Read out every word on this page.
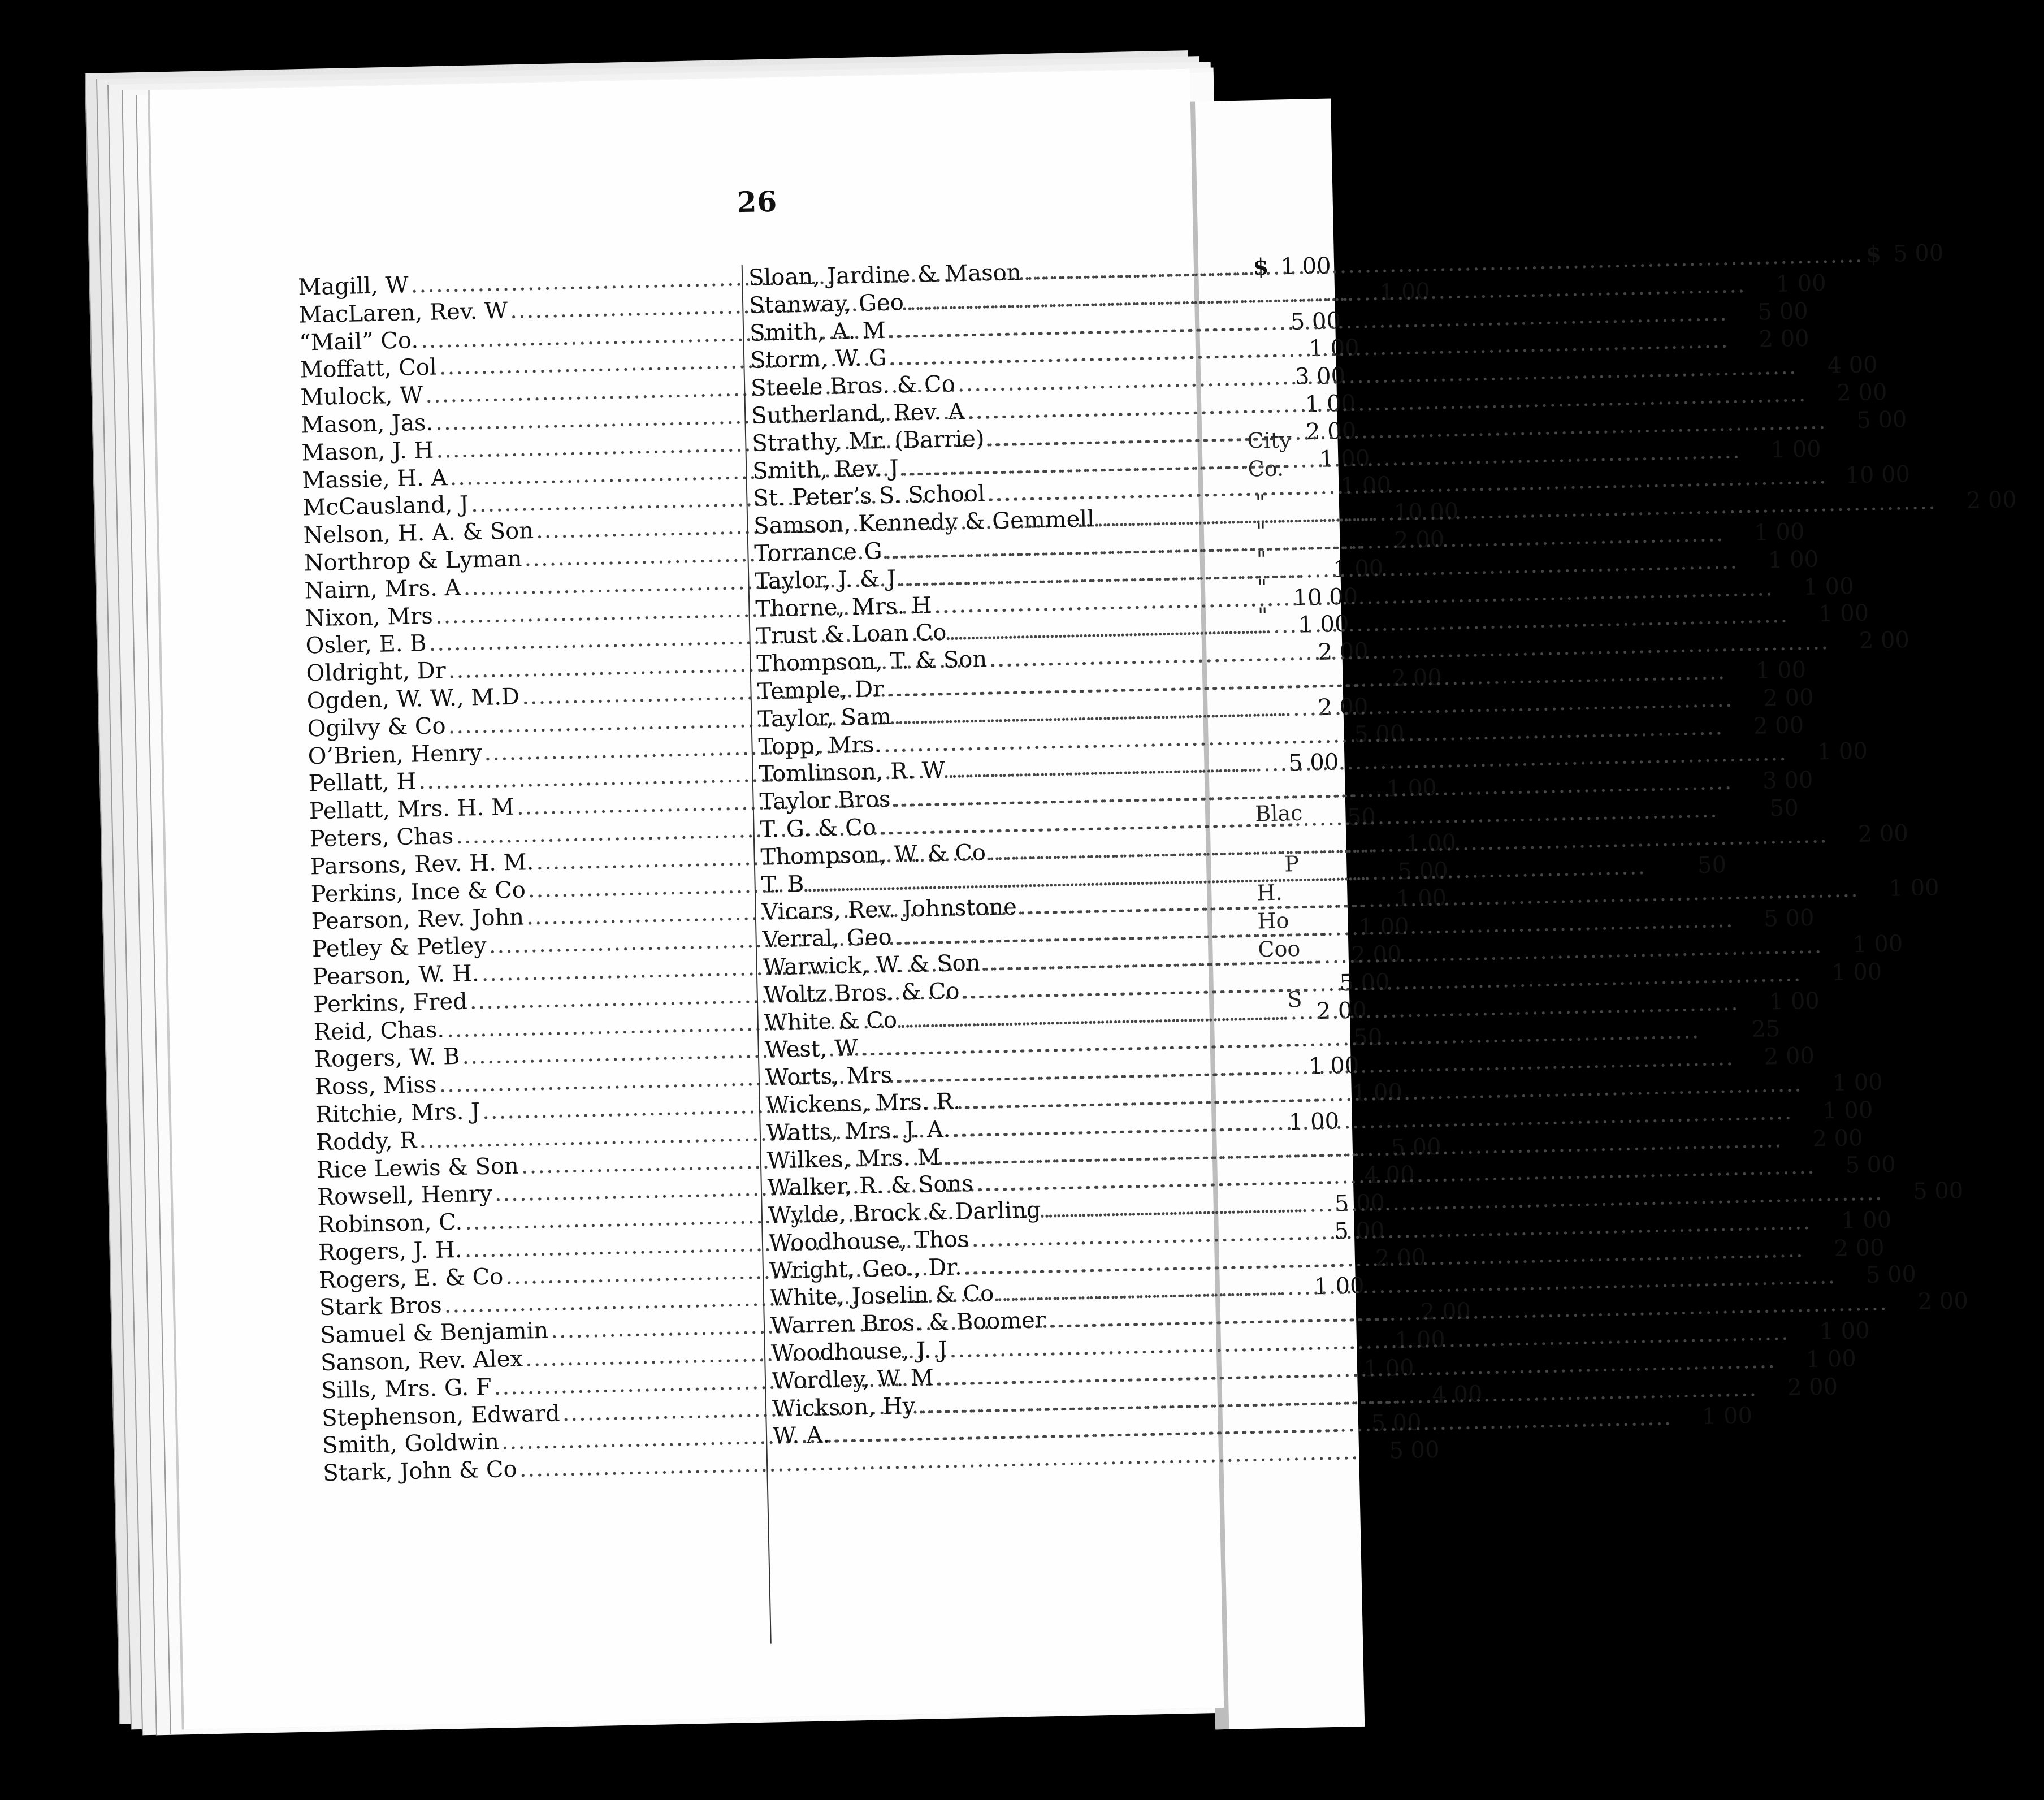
City
Co.
"
"
"
"
"
Blac
P
H.
Ho
Coo
S
26
Magill, W
.....
$ 1 00
MacLaren, Rev. W
.....
1 00
“Mail” Co.
.....
5 00
Moffatt, Col
.....
1 00
Mulock, W
.....
3 00
Mason, Jas.
.....
1 00
Mason, J. H
.....
2 00
Massie, H. A
.....
1 00
McCausland, J
.....
1 00
Nelson, H. A. & Son
.....
10 00
Northrop & Lyman
.....
2 00
Nairn, Mrs. A
.....
1 00
Nixon, Mrs
.....
10 00
Osler, E. B
.....
1 00
Oldright, Dr
.....
2 00
Ogden, W. W., M.D
.....
2 00
Ogilvy & Co
.....
2 00
O’Brien, Henry
.....
5 00
Pellatt, H
.....
5 00
Pellatt, Mrs. H. M
.....
1 00
Peters, Chas
.....
50
Parsons, Rev. H. M.
.....
1 00
Perkins, Ince & Co
.....
5 00
Pearson, Rev. John
.....
1 00
Petley & Petley
.....
1 00
Pearson, W. H.
.....
2 00
Perkins, Fred
.....
5 00
Reid, Chas.
.....
2 00
Rogers, W. B
.....
50
Ross, Miss
.....
1 00
Ritchie, Mrs. J
.....
1 00
Roddy, R
.....
1 00
Rice Lewis & Son
.....
5 00
Rowsell, Henry
.....
4 00
Robinson, C.
.....
5 00
Rogers, J. H.
.....
5 00
Rogers, E. & Co
.....
2 00
Stark Bros
.....
1 00
Samuel & Benjamin
.....
2 00
Sanson, Rev. Alex
.....
1 00
Sills, Mrs. G. F
.....
1 00
Stephenson, Edward
.....
4 00
Smith, Goldwin
.....
5 00
Stark, John & Co
.....
5 00
Sloan, Jardine & Mason
.....
$ 5 00
Stanway, Geo
.....
1 00
Smith, A. M
.....
5 00
Storm, W. G
.....
2 00
Steele Bros. & Co
.....
4 00
Sutherland, Rev. A
.....
2 00
Strathy, Mr. (Barrie)
.....
5 00
Smith, Rev. J
.....
1 00
St. Peter’s S. School
.....
10 00
Samson, Kennedy & Gemmell
.....
2 00
Torrance G
.....
1 00
Taylor, J. & J
.....
1 00
Thorne, Mrs. H
.....
1 00
Trust & Loan Co
.....
1 00
Thompson, T. & Son
.....
2 00
Temple, Dr
.....
1 00
Taylor, Sam
.....
2 00
Topp, Mrs.
.....
2 00
Tomlinson, R. W
.....
1 00
Taylor Bros
.....
3 00
T. G. & Co
.....
50
Thompson, W. & Co
.....
2 00
T. B
.....
50
Vicars, Rev. Johnstone
.....
1 00
Verral, Geo
.....
5 00
Warwick, W. & Son
.....
1 00
Woltz Bros. & Co
.....
1 00
White & Co
.....
1 00
West, W
.....
25
Worts, Mrs
.....
2 00
Wickens, Mrs. R.
.....
1 00
Watts, Mrs. J. A.
.....
1 00
Wilkes, Mrs. M
.....
2 00
Walker, R. & Sons
.....
5 00
Wylde, Brock & Darling
.....
5 00
Woodhouse, Thos
.....
1 00
Wright, Geo., Dr.
.....
2 00
White, Joselin & Co
.....
5 00
Warren Bros. & Boomer
.....
2 00
Woodhouse, J. J
.....
1 00
Wordley, W. M
.....
1 00
Wickson, Hy
.....
2 00
W. A.
.....
1 00
